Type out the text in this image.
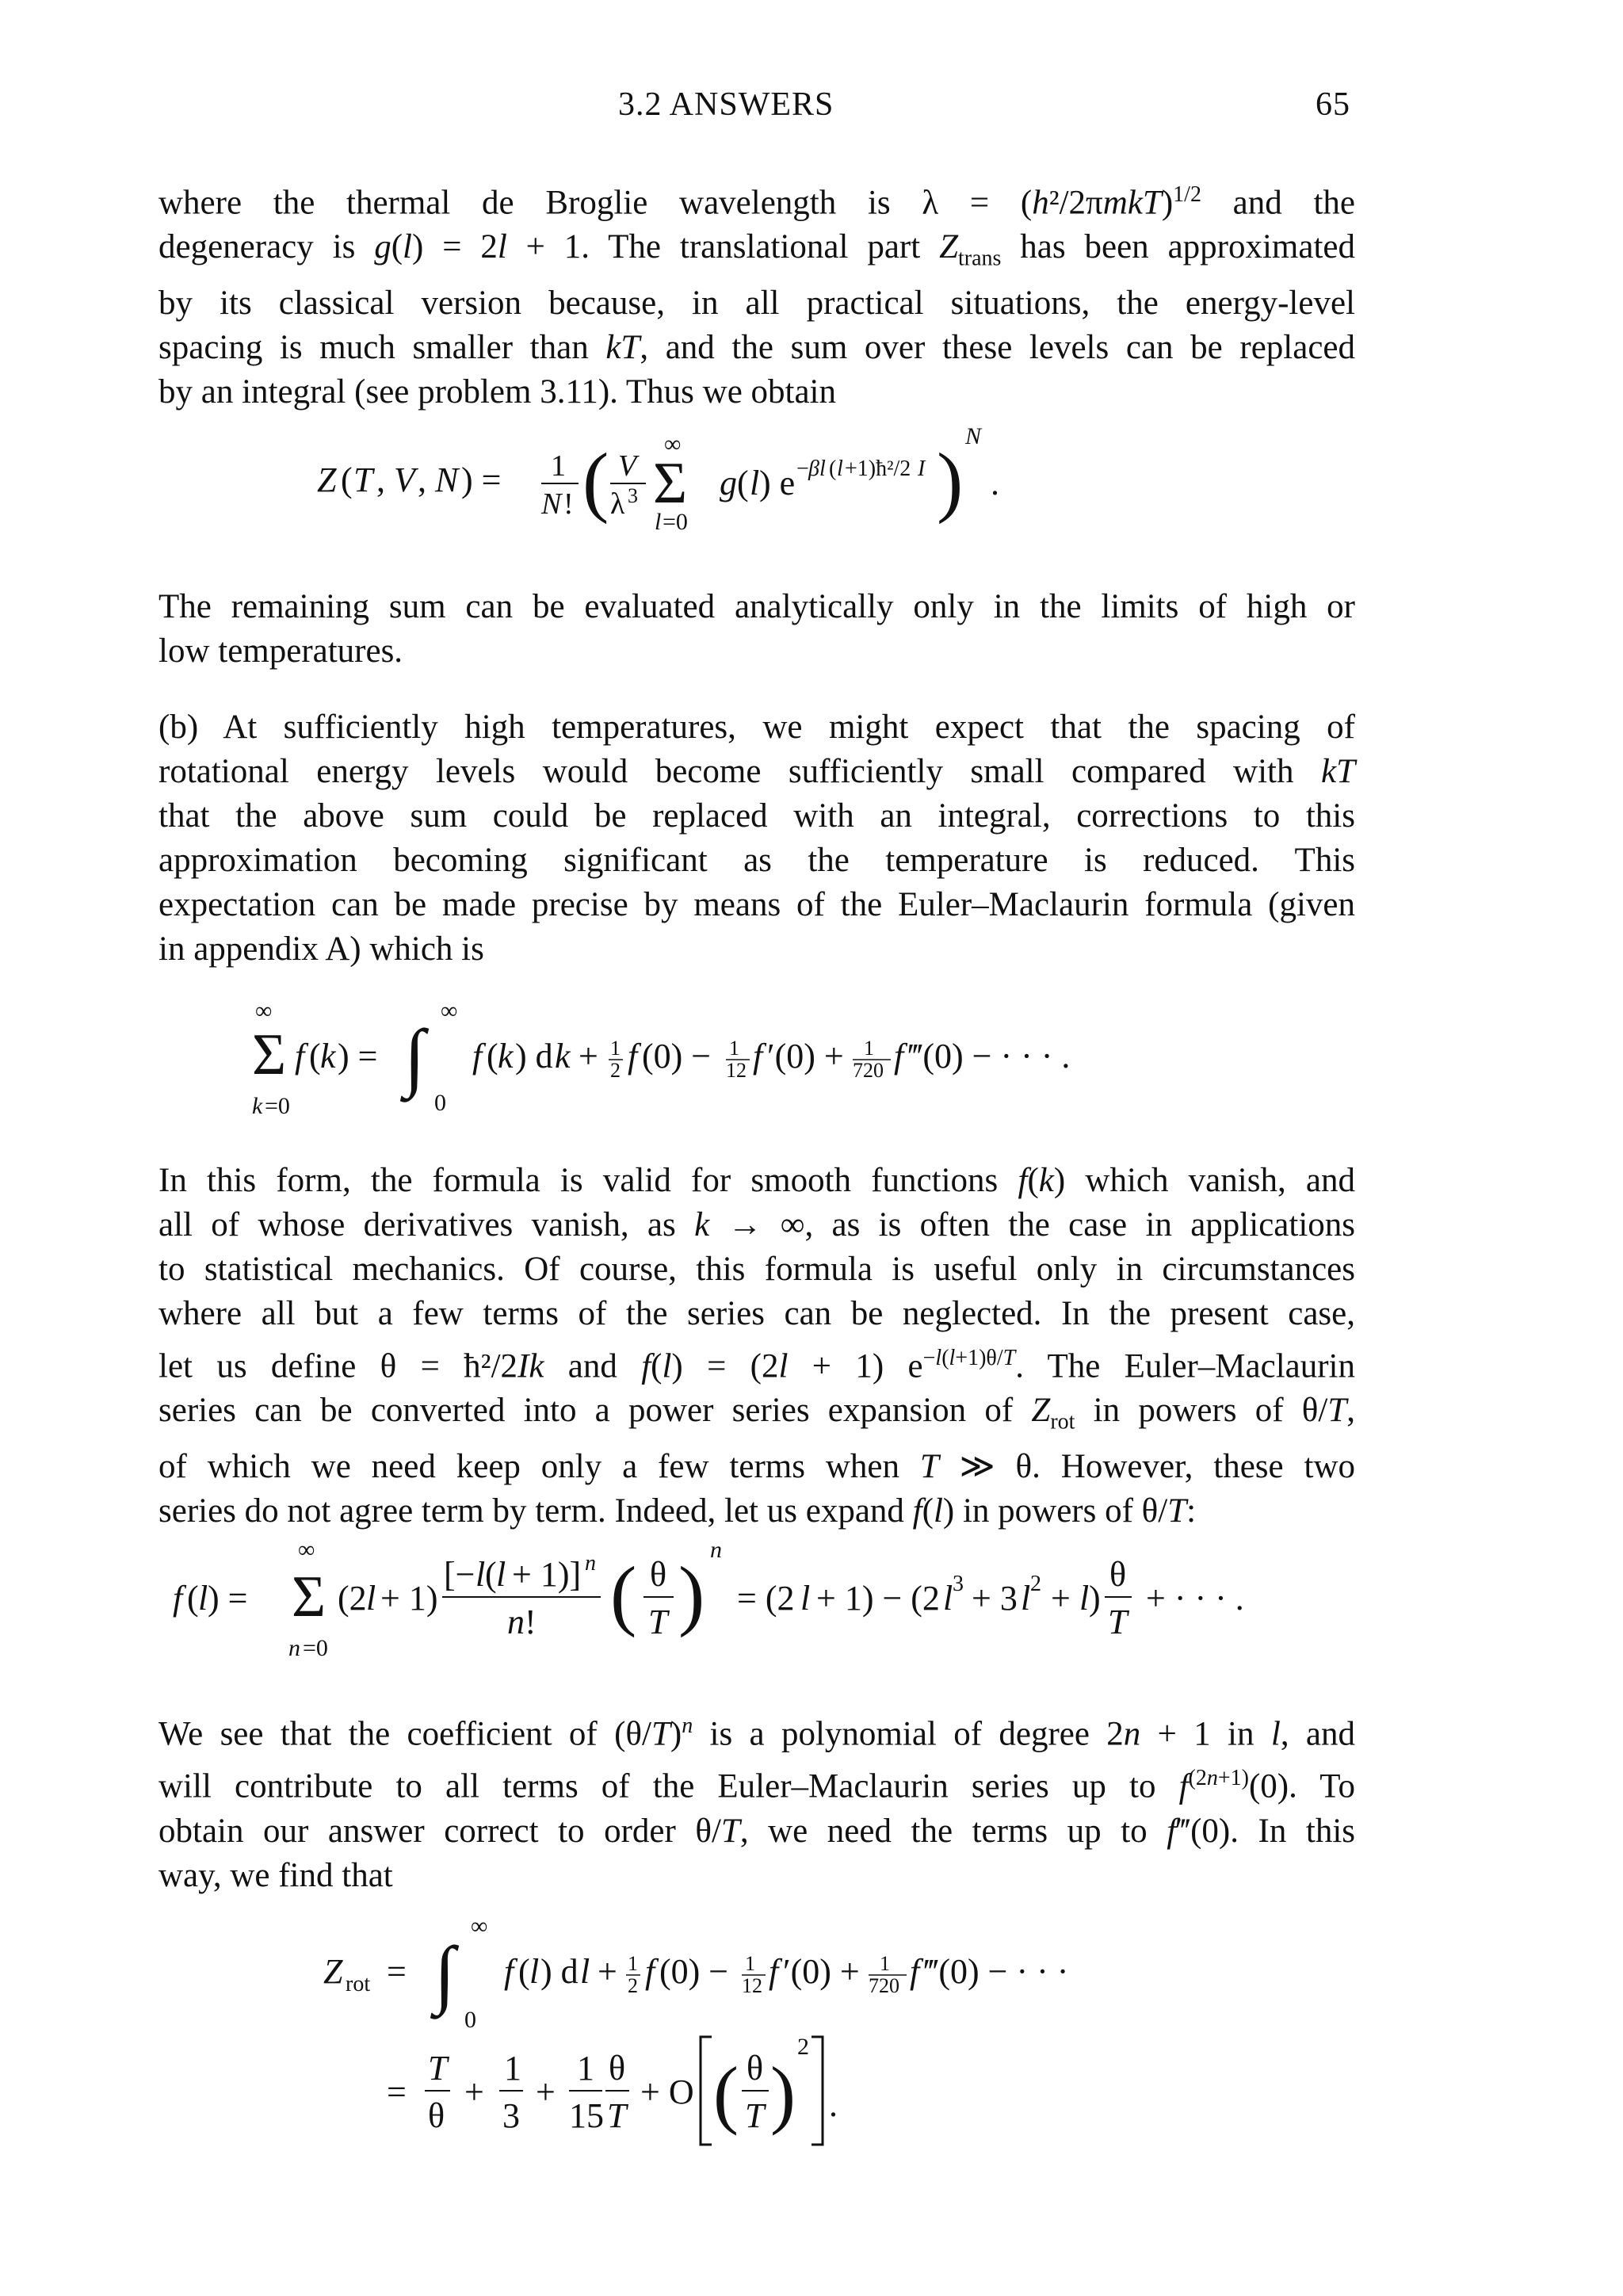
3.2 ANSWERS	65
where the thermal de Broglie wavelength is $\lambda = (h^2/2\pi mkT)^{1/2}$ and the
degeneracy is g(l) = 2l + 1. The translational part $Z_{trans}$ has been approximated
by its classical version because, in all practical situations, the energy-level
spacing is much smaller than kT, and the sum over these levels can be replaced
by an integral (see problem 3.11). Thus we obtain
Z ( T , V , N ) = 1
N ! ( V
λ 3 Σ
∞
l =0
g ( l ) e − βl ( l +1)ħ²/2 I )
N
.
The remaining sum can be evaluated analytically only in the limits of high or
low temperatures.
(b) At sufficiently high temperatures, we might expect that the spacing of
rotational energy levels would become sufficiently small compared with kT
that the above sum could be replaced with an integral, corrections to this
approximation becoming significant as the temperature is reduced. This
expectation can be made precise by means of the Euler–Maclaurin formula (given
in appendix A) which is
∞
Σ
k =0
f ( k ) = ∫
∞
0
f ( k ) d k + 1
2 f (0) − 1
12 f ′(0) + 1
720 f ‴(0) − · · · .
In this form, the formula is valid for smooth functions f(k) which vanish, and
all of whose derivatives vanish, as k → ∞, as is often the case in applications
to statistical mechanics. Of course, this formula is useful only in circumstances
where all but a few terms of the series can be neglected. In the present case,
let us define θ = ħ²/2Ik and f(l) = (2l + 1) $e^{-l(l+1)\theta/T}$. The Euler–Maclaurin
series can be converted into a power series expansion of $Z_{rot}$ in powers of θ/T,
of which we need keep only a few terms when T ≫ θ. However, these two
series do not agree term by term. Indeed, let us expand f(l) in powers of θ/T:
f ( l ) =
∞
Σ
n =0
(2 l + 1)
[− l ( l + 1)] n
n ! ( θ
T )
n
= (2 l + 1) − (2 l 3 + 3 l 2 + l )
θ
T
+ · · · .
We see that the coefficient of $(\theta/T)^n$ is a polynomial of degree 2n + 1 in l, and
will contribute to all terms of the Euler–Maclaurin series up to $f^{(2n+1)}(0)$. To
obtain our answer correct to order θ/T, we need the terms up to f‴(0). In this
way, we find that
Z rot = ∫
∞
0
f ( l ) d l + 1
2 f (0) − 1
12 f ′(0) + 1
720 f ‴(0) − · · ·
=
T
θ
+
1
3
+
1
15
θ
T
+ O ( θ
T )
2
.
